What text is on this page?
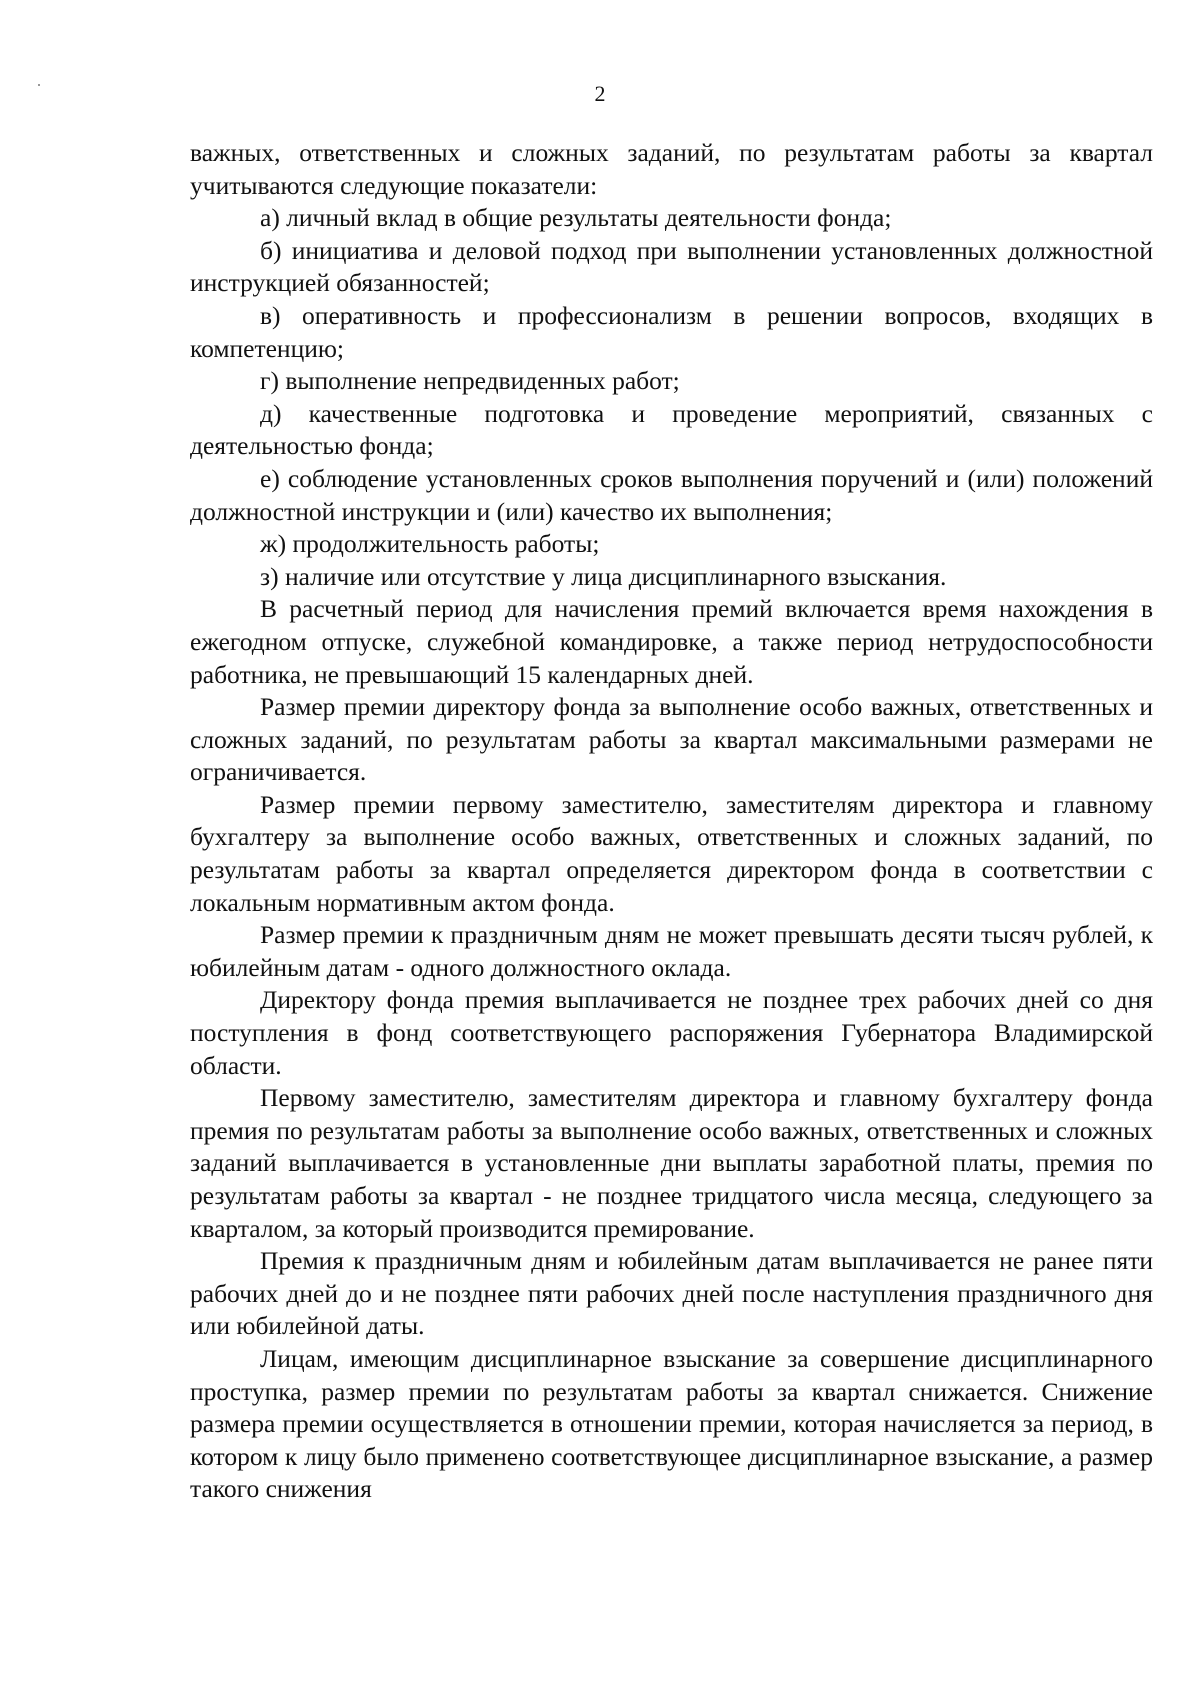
2

важных, ответственных и сложных заданий, по результатам работы за квартал учитываются следующие показатели:

а) личный вклад в общие результаты деятельности фонда;

б) инициатива и деловой подход при выполнении установленных должностной инструкцией обязанностей;

в) оперативность и профессионализм в решении вопросов, входящих в компетенцию;

г) выполнение непредвиденных работ;

д) качественные подготовка и проведение мероприятий, связанных с деятельностью фонда;

е) соблюдение установленных сроков выполнения поручений и (или) положений должностной инструкции и (или) качество их выполнения;

ж) продолжительность работы;

з) наличие или отсутствие у лица дисциплинарного взыскания.

В расчетный период для начисления премий включается время нахождения в ежегодном отпуске, служебной командировке, а также период нетрудоспособности работника, не превышающий 15 календарных дней.

Размер премии директору фонда за выполнение особо важных, ответственных и сложных заданий, по результатам работы за квартал максимальными размерами не ограничивается.

Размер премии первому заместителю, заместителям директора и главному бухгалтеру за выполнение особо важных, ответственных и сложных заданий, по результатам работы за квартал определяется директором фонда в соответствии с локальным нормативным актом фонда.

Размер премии к праздничным дням не может превышать десяти тысяч рублей, к юбилейным датам - одного должностного оклада.

Директору фонда премия выплачивается не позднее трех рабочих дней со дня поступления в фонд соответствующего распоряжения Губернатора Владимирской области.

Первому заместителю, заместителям директора и главному бухгалтеру фонда премия по результатам работы за выполнение особо важных, ответственных и сложных заданий выплачивается в установленные дни выплаты заработной платы, премия по результатам работы за квартал - не позднее тридцатого числа месяца, следующего за кварталом, за который производится премирование.

Премия к праздничным дням и юбилейным датам выплачивается не ранее пяти рабочих дней до и не позднее пяти рабочих дней после наступления праздничного дня или юбилейной даты.

Лицам, имеющим дисциплинарное взыскание за совершение дисциплинарного проступка, размер премии по результатам работы за квартал снижается. Снижение размера премии осуществляется в отношении премии, которая начисляется за период, в котором к лицу было применено соответствующее дисциплинарное взыскание, а размер такого снижения
